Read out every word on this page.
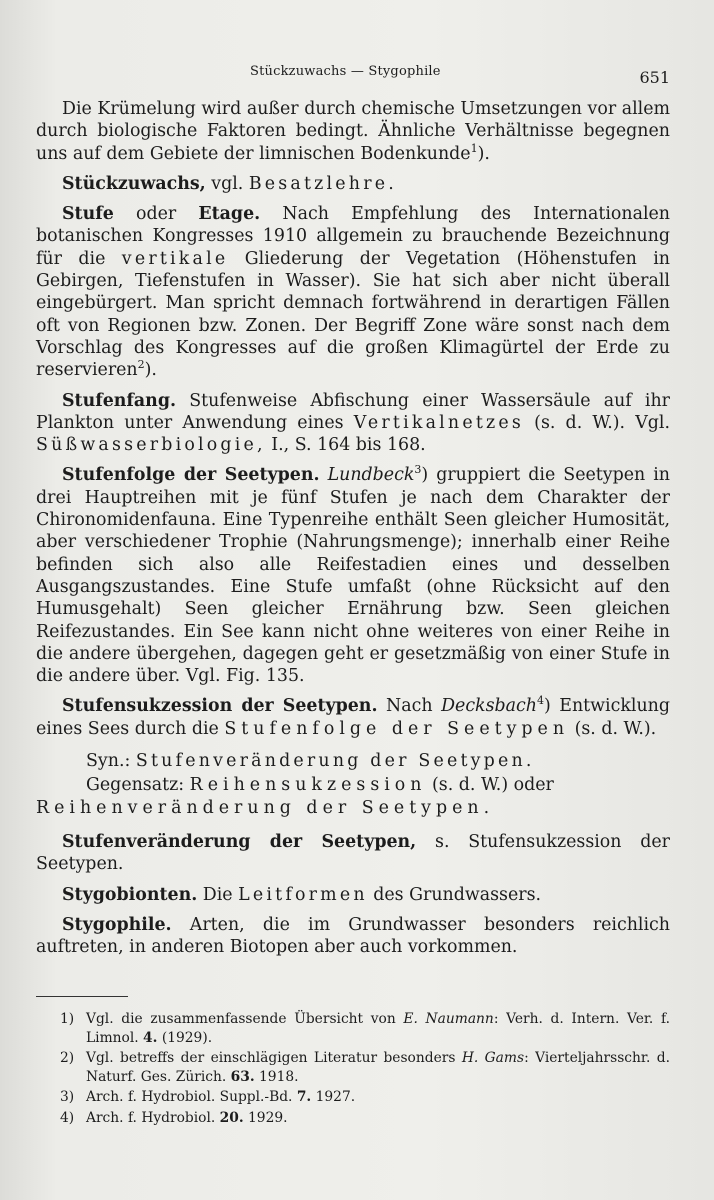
Stückzuwachs — Stygophile	651

Die Krümelung wird außer durch chemische Umsetzungen vor allem durch biologische Faktoren bedingt. Ähnliche Verhältnisse begegnen uns auf dem Gebiete der limnischen Bodenkunde$^1$).

Stückzuwachs, vgl. Besatzlehre.

Stufe oder Etage. Nach Empfehlung des Internationalen botanischen Kongresses 1910 allgemein zu brauchende Bezeichnung für die vertikale Gliederung der Vegetation (Höhenstufen in Gebirgen, Tiefenstufen in Wasser). Sie hat sich aber nicht überall eingebürgert. Man spricht demnach fortwährend in derartigen Fällen oft von Regionen bzw. Zonen. Der Begriff Zone wäre sonst nach dem Vorschlag des Kongresses auf die großen Klimagürtel der Erde zu reservieren$^2$).

Stufenfang. Stufenweise Abfischung einer Wassersäule auf ihr Plankton unter Anwendung eines Vertikalnetzes (s. d. W.). Vgl. Süßwasserbiologie, I., S. 164 bis 168.

Stufenfolge der Seetypen. Lundbeck$^3$) gruppiert die Seetypen in drei Hauptreihen mit je fünf Stufen je nach dem Charakter der Chironomidenfauna. Eine Typenreihe enthält Seen gleicher Humosität, aber verschiedener Trophie (Nahrungsmenge); innerhalb einer Reihe befinden sich also alle Reifestadien eines und desselben Ausgangszustandes. Eine Stufe umfaßt (ohne Rücksicht auf den Humusgehalt) Seen gleicher Ernährung bzw. Seen gleichen Reifezustandes. Ein See kann nicht ohne weiteres von einer Reihe in die andere übergehen, dagegen geht er gesetzmäßig von einer Stufe in die andere über. Vgl. Fig. 135.

Stufensukzession der Seetypen. Nach Decksbach$^4$) Entwicklung eines Sees durch die Stufenfolge der Seetypen (s. d. W.).

Syn.: Stufenveränderung der Seetypen.

Gegensatz: Reihensukzession (s. d. W.) oder
Reihenveränderung der Seetypen.

Stufenveränderung der Seetypen, s. Stufensukzession der Seetypen.

Stygobionten. Die Leitformen des Grundwassers.

Stygophile. Arten, die im Grundwasser besonders reichlich auftreten, in anderen Biotopen aber auch vorkommen.

1) Vgl. die zusammenfassende Übersicht von E. Naumann: Verh. d. Intern. Ver. f. Limnol. 4. (1929).

2) Vgl. betreffs der einschlägigen Literatur besonders H. Gams: Vierteljahrsschr. d. Naturf. Ges. Zürich. 63. 1918.

3) Arch. f. Hydrobiol. Suppl.-Bd. 7. 1927.

4) Arch. f. Hydrobiol. 20. 1929.
